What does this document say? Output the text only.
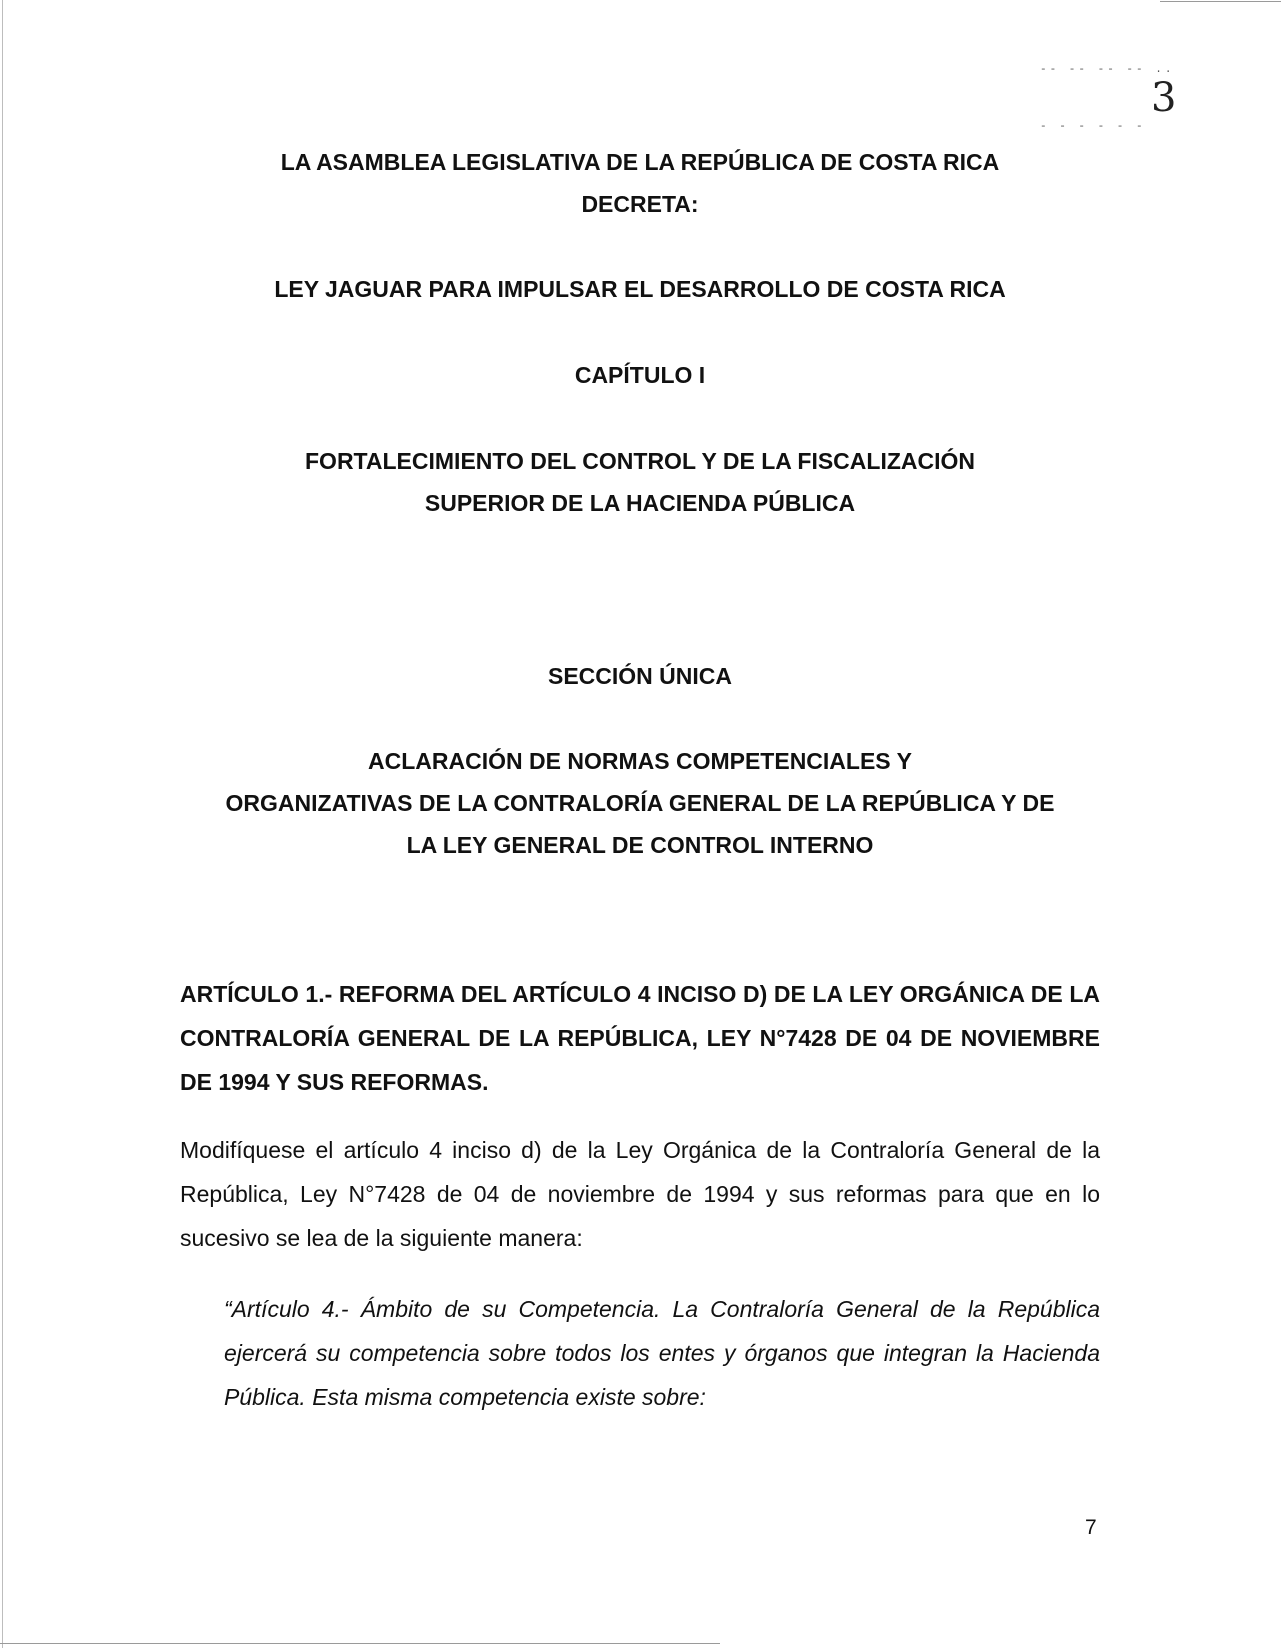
-- -- -- -- ..
- - - - - -
3
LA ASAMBLEA LEGISLATIVA DE LA REPÚBLICA DE COSTA RICA
DECRETA:
LEY JAGUAR PARA IMPULSAR EL DESARROLLO DE COSTA RICA
CAPÍTULO I
FORTALECIMIENTO DEL CONTROL Y DE LA FISCALIZACIÓN
SUPERIOR DE LA HACIENDA PÚBLICA
SECCIÓN ÚNICA
ACLARACIÓN DE NORMAS COMPETENCIALES Y
ORGANIZATIVAS DE LA CONTRALORÍA GENERAL DE LA REPÚBLICA Y DE
LA LEY GENERAL DE CONTROL INTERNO
ARTÍCULO 1.- REFORMA DEL ARTÍCULO 4 INCISO D) DE LA LEY ORGÁNICA DE LA CONTRALORÍA GENERAL DE LA REPÚBLICA, LEY N°7428 DE 04 DE NOVIEMBRE DE 1994 Y SUS REFORMAS.
Modifíquese el artículo 4 inciso d) de la Ley Orgánica de la Contraloría General de la República, Ley N°7428 de 04 de noviembre de 1994 y sus reformas para que en lo sucesivo se lea de la siguiente manera:
“Artículo 4.- Ámbito de su Competencia. La Contraloría General de la República ejercerá su competencia sobre todos los entes y órganos que integran la Hacienda Pública. Esta misma competencia existe sobre:
7
